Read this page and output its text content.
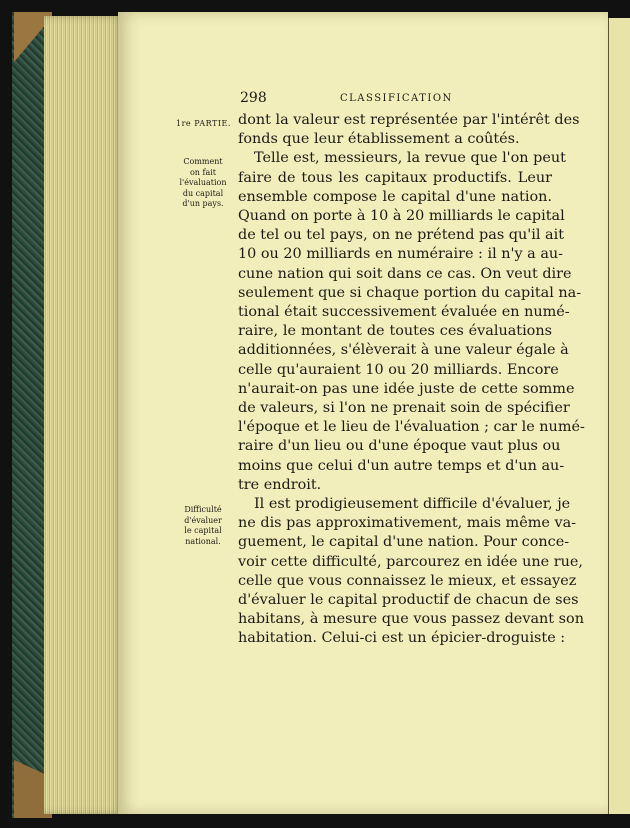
298	CLASSIFICATION
1re PARTIE.
Comment
on fait
l'évaluation
du capital
d'un pays.
Difficulté
d'évaluer
le capital
national.
dont la valeur est représentée par l'intérêt des
fonds que leur établissement a coûtés.
Telle est, messieurs, la revue que l'on peut
faire de tous les capitaux productifs. Leur
ensemble compose le capital d'une nation.
Quand on porte à 10 à 20 milliards le capital
de tel ou tel pays, on ne prétend pas qu'il ait
10 ou 20 milliards en numéraire : il n'y a au-
cune nation qui soit dans ce cas. On veut dire
seulement que si chaque portion du capital na-
tional était successivement évaluée en numé-
raire, le montant de toutes ces évaluations
additionnées, s'élèverait à une valeur égale à
celle qu'auraient 10 ou 20 milliards. Encore
n'aurait-on pas une idée juste de cette somme
de valeurs, si l'on ne prenait soin de spécifier
l'époque et le lieu de l'évaluation ; car le numé-
raire d'un lieu ou d'une époque vaut plus ou
moins que celui d'un autre temps et d'un au-
tre endroit.
Il est prodigieusement difficile d'évaluer, je
ne dis pas approximativement, mais même va-
guement, le capital d'une nation. Pour conce-
voir cette difficulté, parcourez en idée une rue,
celle que vous connaissez le mieux, et essayez
d'évaluer le capital productif de chacun de ses
habitans, à mesure que vous passez devant son
habitation. Celui-ci est un épicier-droguiste :
